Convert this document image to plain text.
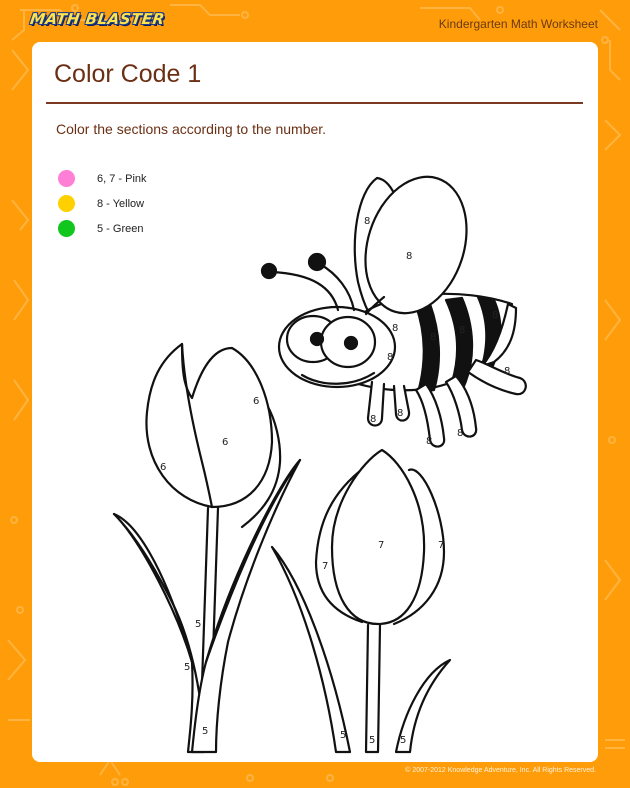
MATH BLASTER	Kindergarten Math Worksheet
Color Code 1
Color the sections according to the number.
6, 7 - Pink
8 - Yellow
5 - Green
8
8
8
8
8
8
8
8
8
8
8
8
6
6
6
5
5
5
7
7
7
5 5 5
© 2007-2012 Knowledge Adventure, Inc. All Rights Reserved.
